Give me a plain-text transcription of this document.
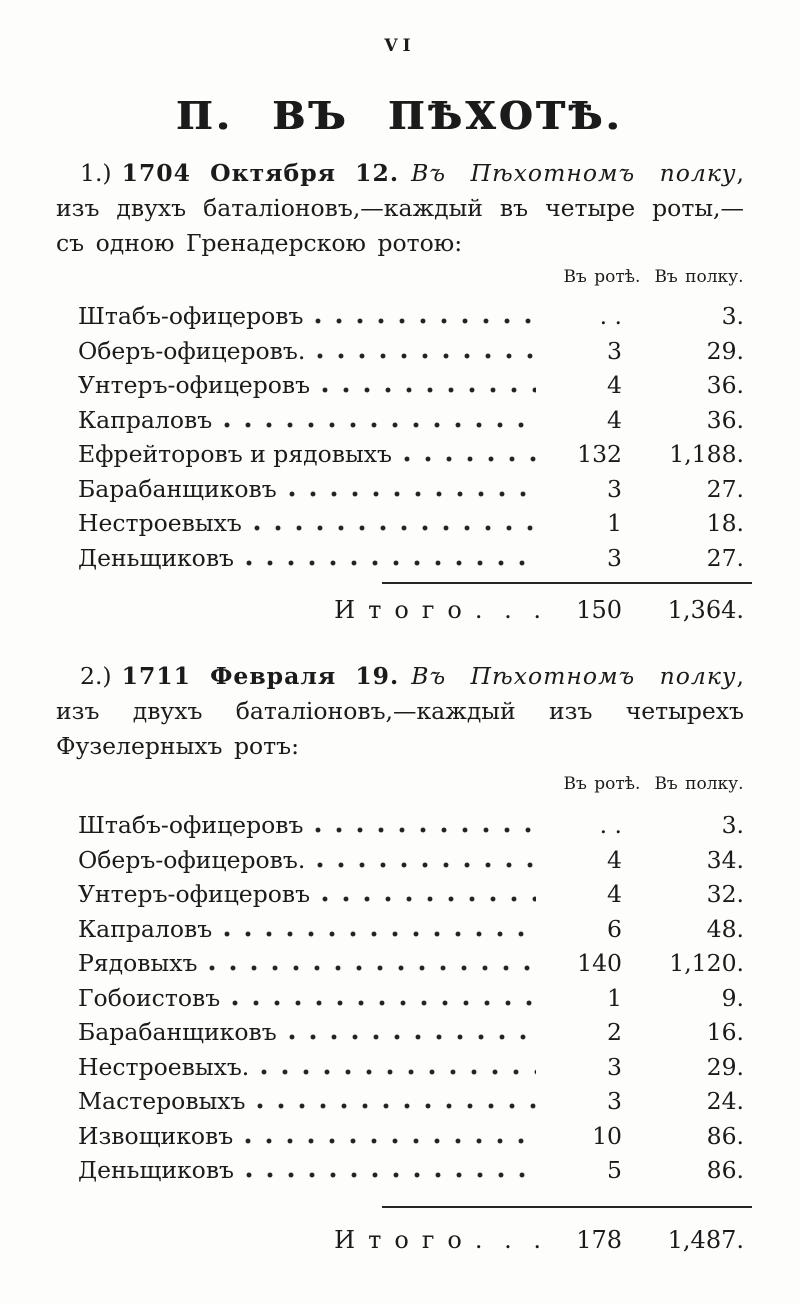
VI
П. ВЪ ПѢХОТѢ.

1.) 1704 Октября 12. Въ Пѣхотномъ полку, изъ двухъ баталіоновъ,—каждый въ четыре роты,— съ одною Гренадерскою ротою:

Въ ротѣ. Въ полку.
Штабъ-офицеровъ	. .	3.
Оберъ-офицеровъ.	3	29.
Унтеръ-офицеровъ	4	36.
Капраловъ	4	36.
Ефрейторовъ и рядовыхъ	132	1,188.
Барабанщиковъ	3	27.
Нестроевыхъ	1	18.
Деньщиковъ	3	27.
Итого . . .	150	1,364.

2.) 1711 Февраля 19. Въ Пѣхотномъ полку, изъ двухъ баталіоновъ,—каждый изъ четырехъ Фузелерныхъ ротъ:

Въ ротѣ. Въ полку.
Штабъ-офицеровъ	. .	3.
Оберъ-офицеровъ.	4	34.
Унтеръ-офицеровъ	4	32.
Капраловъ	6	48.
Рядовыхъ	140	1,120.
Гобоистовъ	1	9.
Барабанщиковъ	2	16.
Нестроевыхъ.	3	29.
Мастеровыхъ	3	24.
Извощиковъ	10	86.
Деньщиковъ	5	86.
Итого . . .	178	1,487.
